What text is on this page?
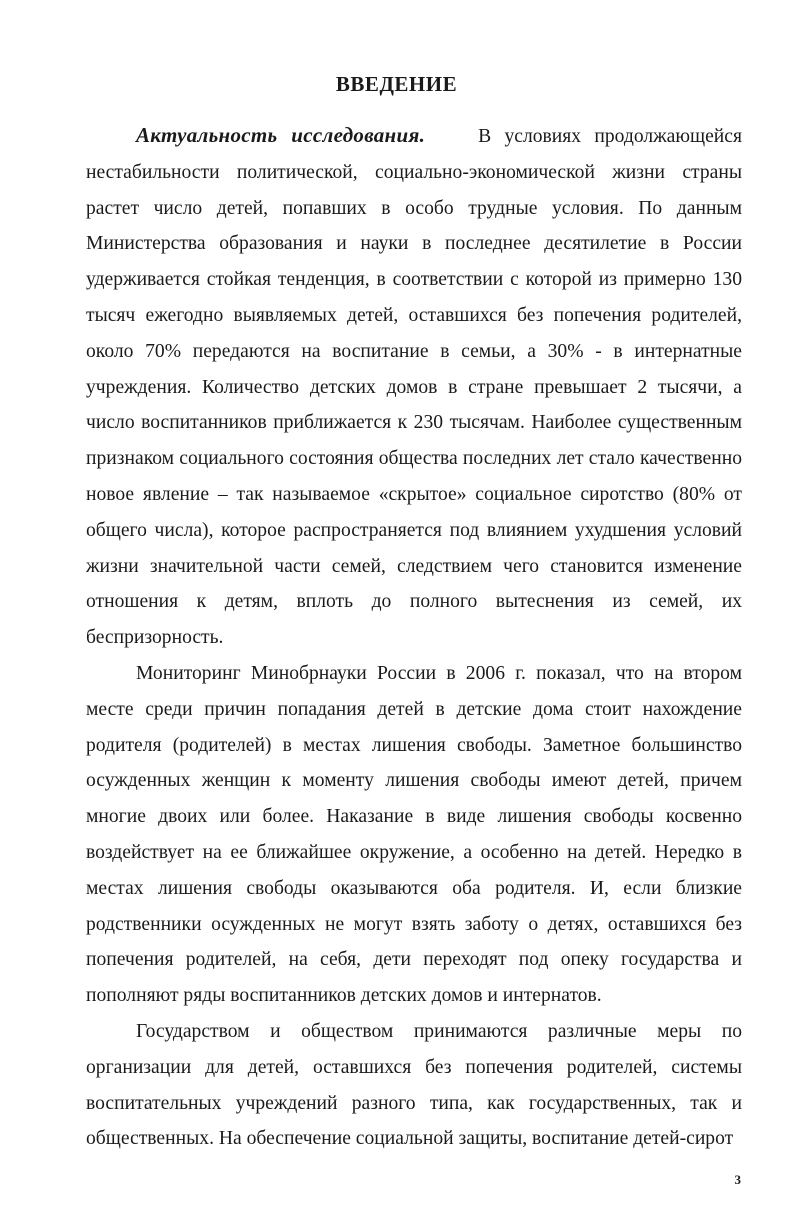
ВВЕДЕНИЕ

Актуальность исследования.	В условиях продолжающейся нестабильности политической, социально-экономической жизни страны растет число детей, попавших в особо трудные условия. По данным Министерства образования и науки в последнее десятилетие в России удерживается стойкая тенденция, в соответствии с которой из примерно 130 тысяч ежегодно выявляемых детей, оставшихся без попечения родителей, около 70% передаются на воспитание в семьи, а 30% - в интернатные учреждения. Количество детских домов в стране превышает 2 тысячи, а число воспитанников приближается к 230 тысячам. Наиболее существенным признаком социального состояния общества последних лет стало качественно новое явление – так называемое «скрытое» социальное сиротство (80% от общего числа), которое распространяется под влиянием ухудшения условий жизни значительной части семей, следствием чего становится изменение отношения к детям, вплоть до полного вытеснения из семей, их беспризорность.

Мониторинг Минобрнауки России в 2006 г. показал, что на втором месте среди причин попадания детей в детские дома стоит нахождение родителя (родителей) в местах лишения свободы. Заметное большинство осужденных женщин к моменту лишения свободы имеют детей, причем многие двоих или более. Наказание в виде лишения свободы косвенно воздействует на ее ближайшее окружение, а особенно на детей. Нередко в местах лишения свободы оказываются оба родителя. И, если близкие родственники осужденных не могут взять заботу о детях, оставшихся без попечения родителей, на себя, дети переходят под опеку государства и пополняют ряды воспитанников детских домов и интернатов.

Государством и обществом принимаются различные меры по организации для детей, оставшихся без попечения родителей, системы воспитательных учреждений разного типа, как государственных, так и общественных. На обеспечение социальной защиты, воспитание детей-сирот

3
